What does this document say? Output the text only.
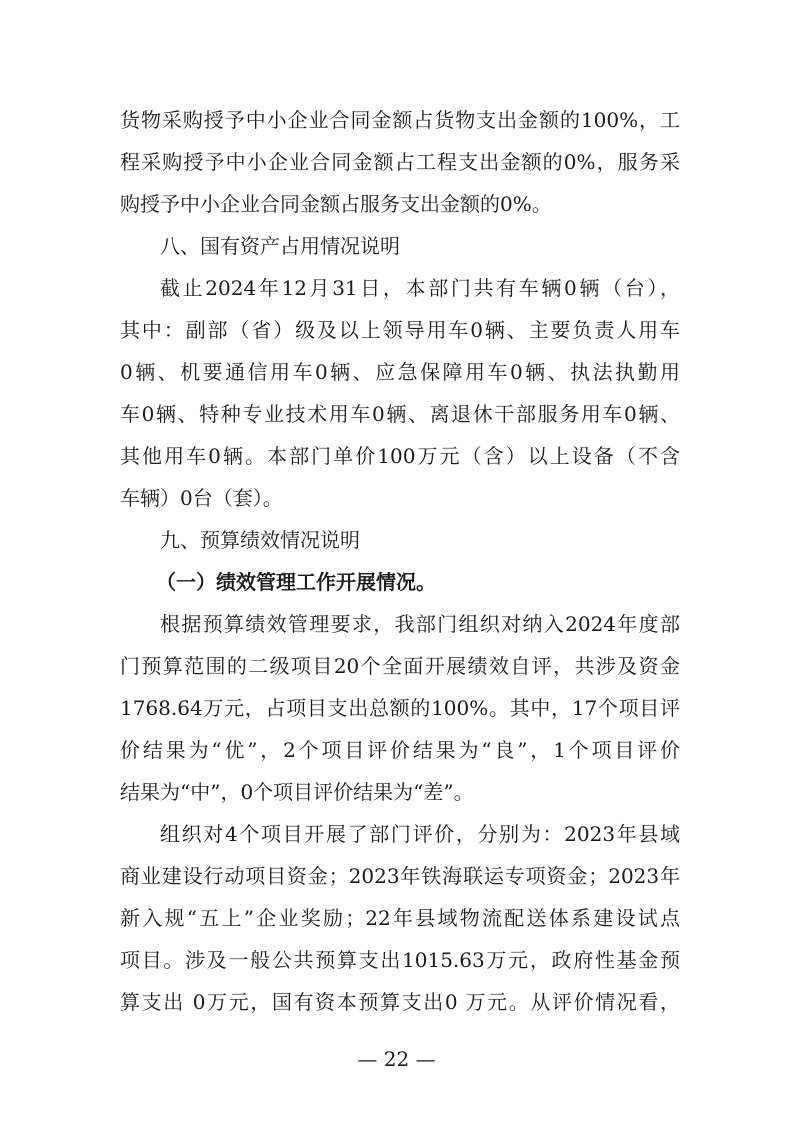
货物采购授予中小企业合同金额占货物支出金额的100%，工
程采购授予中小企业合同金额占工程支出金额的0%，服务采
购授予中小企业合同金额占服务支出金额的0%。
八、国有资产占用情况说明
截止2024年12月31日，本部门共有车辆0辆（台），
其中：副部（省）级及以上领导用车0辆、主要负责人用车
0辆、机要通信用车0辆、应急保障用车0辆、执法执勤用
车0辆、特种专业技术用车0辆、离退休干部服务用车0辆、
其他用车0辆。本部门单价100万元（含）以上设备（不含
车辆）0台（套）。
九、预算绩效情况说明
（一）绩效管理工作开展情况。
根据预算绩效管理要求，我部门组织对纳入2024年度部
门预算范围的二级项目20个全面开展绩效自评，共涉及资金
1768.64万元，占项目支出总额的100%。其中，17个项目评
价结果为“优”，2个项目评价结果为“良”，1个项目评价
结果为“中”，0个项目评价结果为“差”。
组织对4个项目开展了部门评价，分别为：2023年县域
商业建设行动项目资金；2023年铁海联运专项资金；2023年
新入规“五上”企业奖励；22年县域物流配送体系建设试点
项目。涉及一般公共预算支出1015.63万元，政府性基金预
算支出 0万元，国有资本预算支出0 万元。从评价情况看，
— 22 —
